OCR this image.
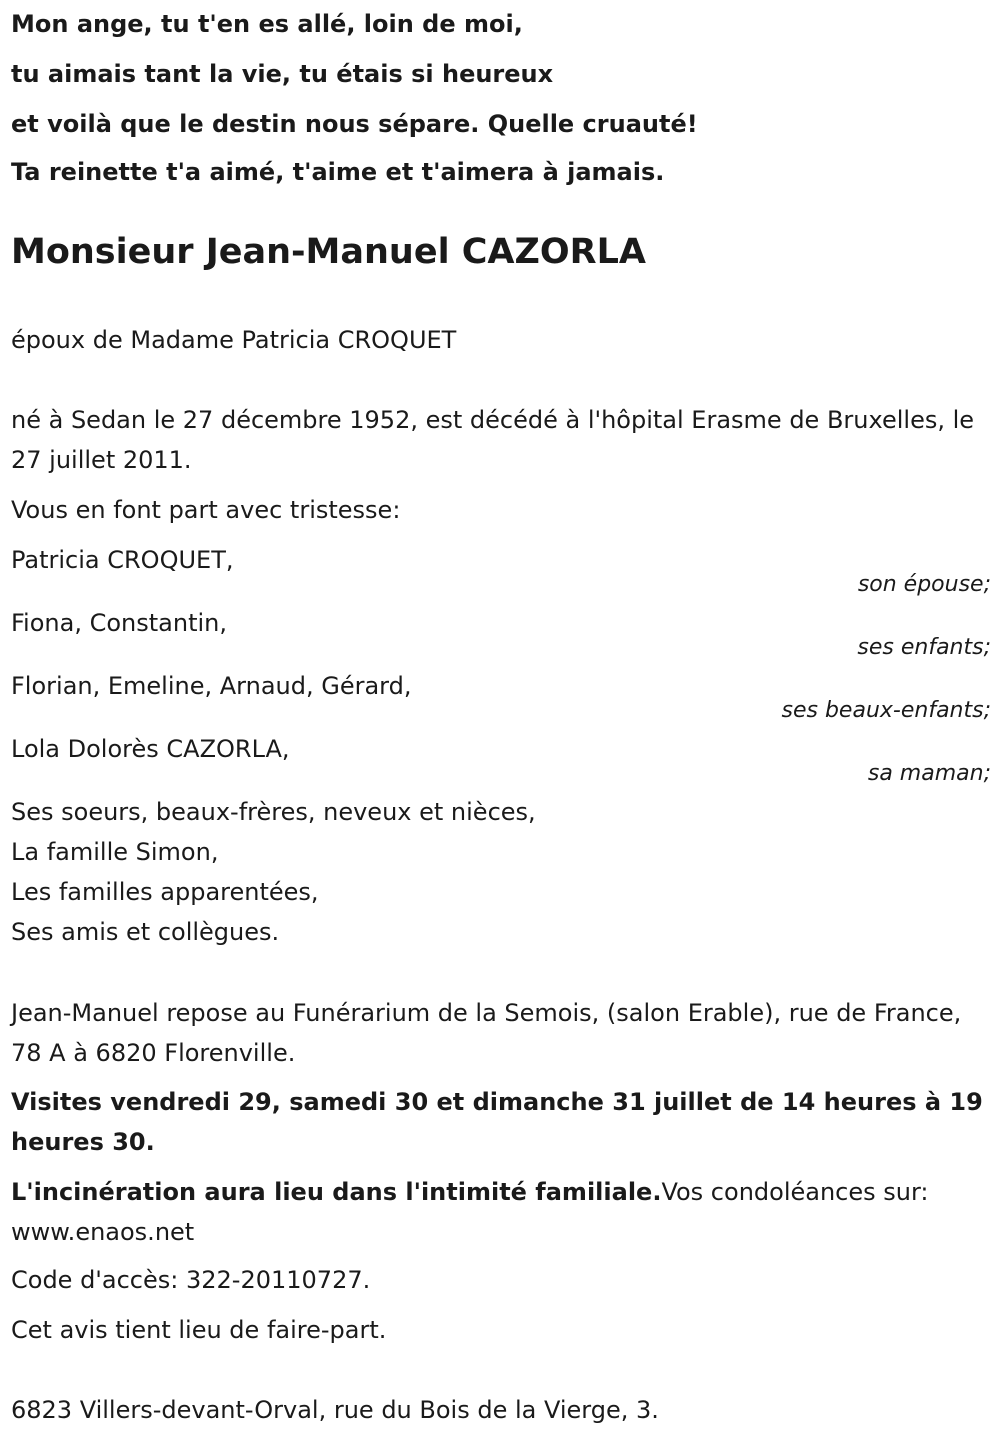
Mon ange, tu t'en es allé, loin de moi,
tu aimais tant la vie, tu étais si heureux
et voilà que le destin nous sépare. Quelle cruauté!
Ta reinette t'a aimé, t'aime et t'aimera à jamais.
Monsieur Jean-Manuel CAZORLA
époux de Madame Patricia CROQUET
né à Sedan le 27 décembre 1952, est décédé à l'hôpital Erasme de Bruxelles, le 27 juillet 2011.
Vous en font part avec tristesse:
Patricia CROQUET,
son épouse;
Fiona, Constantin,
ses enfants;
Florian, Emeline, Arnaud, Gérard,
ses beaux-enfants;
Lola Dolorès CAZORLA,
sa maman;
Ses soeurs, beaux-frères, neveux et nièces,
La famille Simon,
Les familles apparentées,
Ses amis et collègues.
Jean-Manuel repose au Funérarium de la Semois, (salon Erable), rue de France, 78 A à 6820 Florenville.
Visites vendredi 29, samedi 30 et dimanche 31 juillet de 14 heures à 19 heures 30.
L'incinération aura lieu dans l'intimité familiale.Vos condoléances sur: www.enaos.net
Code d'accès: 322-20110727.
Cet avis tient lieu de faire-part.
6823 Villers-devant-Orval, rue du Bois de la Vierge, 3.
